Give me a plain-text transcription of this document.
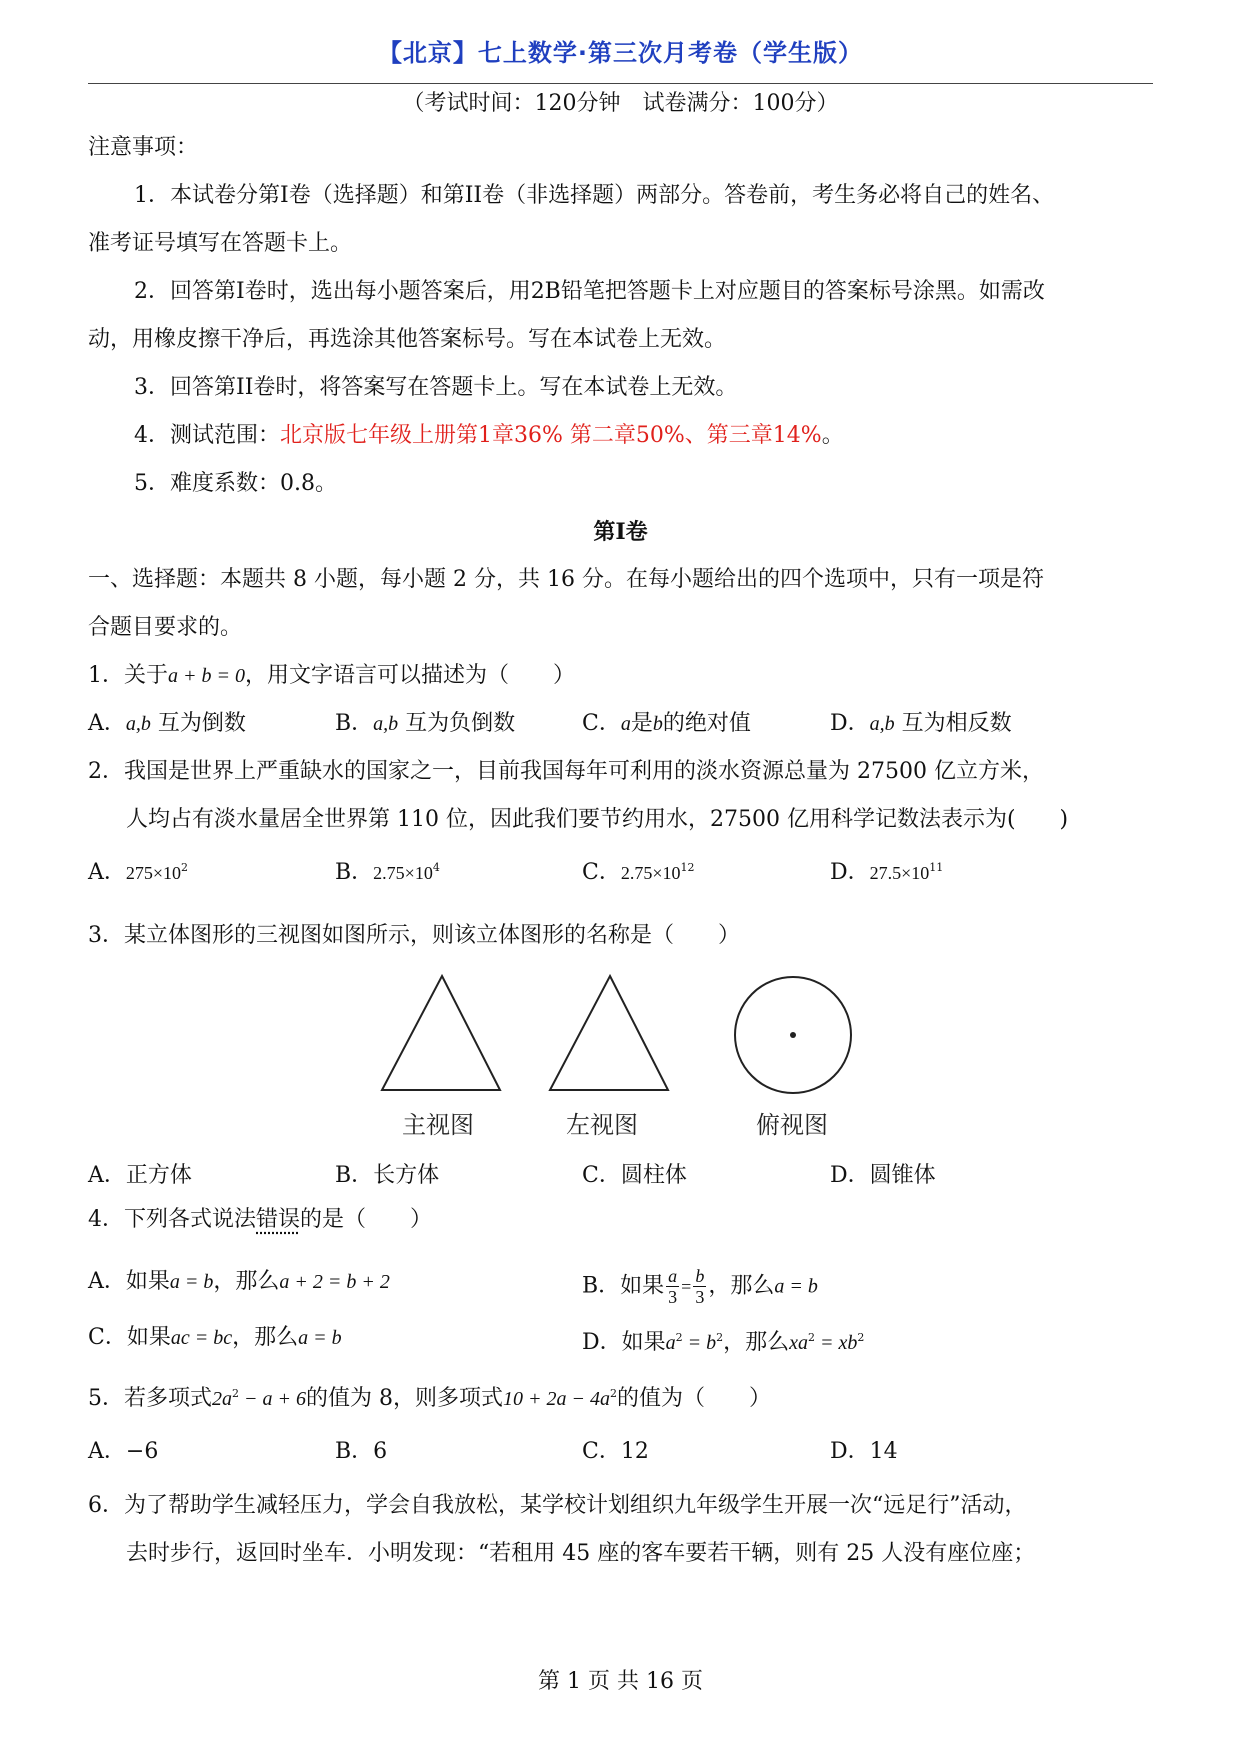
【北京】七上数学·第三次月考卷（学生版）
（考试时间：120分钟　试卷满分：100分）
注意事项：
1．本试卷分第I卷（选择题）和第II卷（非选择题）两部分。答卷前，考生务必将自己的姓名、
准考证号填写在答题卡上。
2．回答第I卷时，选出每小题答案后，用2B铅笔把答题卡上对应题目的答案标号涂黑。如需改
动，用橡皮擦干净后，再选涂其他答案标号。写在本试卷上无效。
3．回答第II卷时，将答案写在答题卡上。写在本试卷上无效。
4．测试范围：北京版七年级上册第1章36% 第二章50%、第三章14%。
5．难度系数：0.8。
第I卷
一、选择题：本题共 8 小题，每小题 2 分，共 16 分。在每小题给出的四个选项中，只有一项是符
合题目要求的。
1．关于a + b = 0，用文字语言可以描述为（　　）
A．a,b 互为倒数	B．a,b 互为负倒数	C．a是b的绝对值	D．a,b 互为相反数
2．我国是世界上严重缺水的国家之一，目前我国每年可利用的淡水资源总量为 27500 亿立方米，
人均占有淡水量居全世界第 110 位，因此我们要节约用水，27500 亿用科学记数法表示为(　　)
A．$275\times 10^2$	B．$2.75\times 10^4$	C．$2.75\times 10^{12}$	D．$27.5\times 10^{11}$
3．某立体图形的三视图如图所示，则该立体图形的名称是（　　）
主视图	左视图	俯视图
A．正方体	B．长方体	C．圆柱体	D．圆锥体
4．下列各式说法错误的是（　　）
A．如果a = b，那么a + 2 = b + 2	B．如果 $\frac{a}{3} = \frac{b}{3}$ ，那么a = b
C．如果ac = bc，那么a = b	D．如果$a^2 = b^2$，那么$xa^2 = xb^2$
5．若多项式$2a^2 - a + 6$的值为 8，则多项式$10 + 2a - 4a^2$的值为（　　）
A．−6	B．6	C．12	D．14
6．为了帮助学生减轻压力，学会自我放松，某学校计划组织九年级学生开展一次“远足行”活动，
去时步行，返回时坐车．小明发现：“若租用 45 座的客车要若干辆，则有 25 人没有座位座；
第 1 页 共 16 页
